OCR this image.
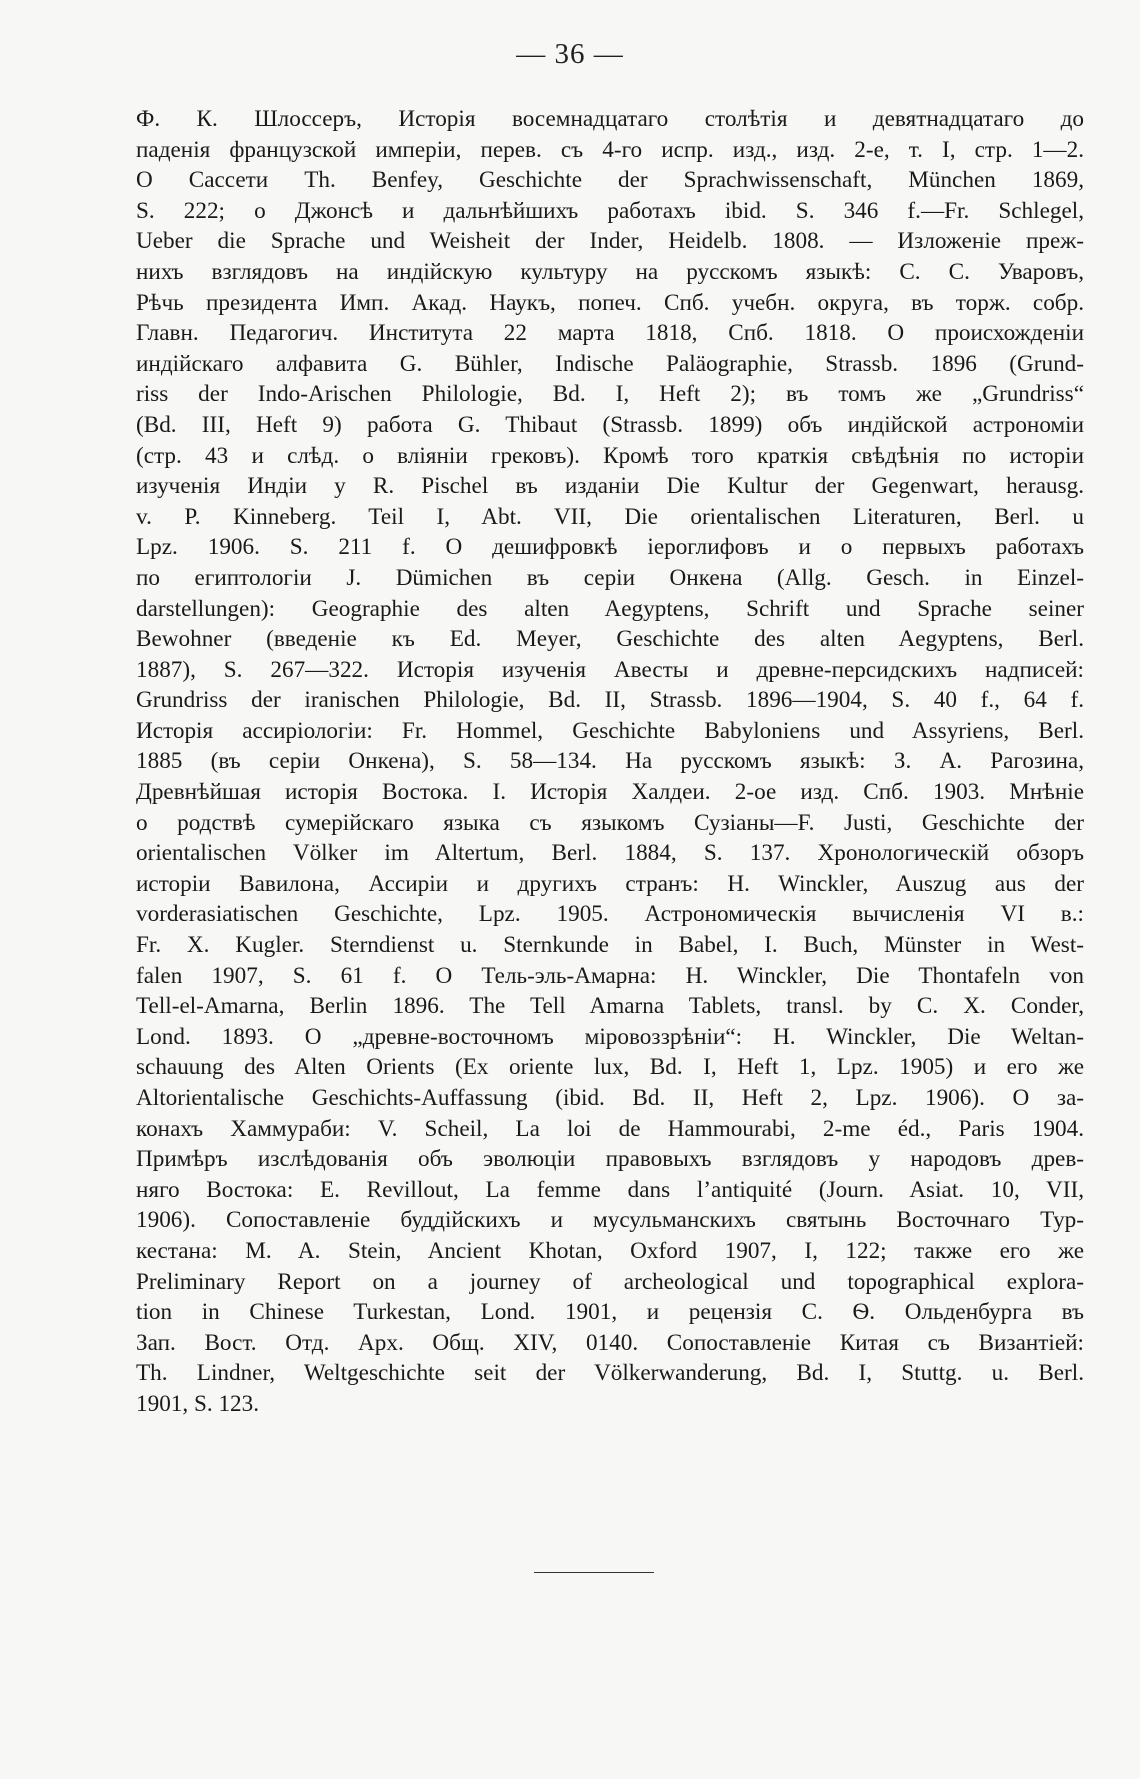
— 36 —
Ф. К. Шлоссеръ, Исторія восемнадцатаго столѣтія и девятнадцатаго до
паденія французской имперіи, перев. съ 4-го испр. изд., изд. 2-е, т. I, стр. 1—2.
О Сассети Th. Benfey, Geschichte der Sprachwissenschaft, München 1869,
S. 222; о Джонсѣ и дальнѣйшихъ работахъ ibid. S. 346 f.—Fr. Schlegel,
Ueber die Sprache und Weisheit der Inder, Heidelb. 1808. — Изложеніе преж-
нихъ взглядовъ на индійскую культуру на русскомъ языкѣ: С. С. Уваровъ,
Рѣчь президента Имп. Акад. Наукъ, попеч. Спб. учебн. округа, въ торж. собр.
Главн. Педагогич. Института 22 марта 1818, Спб. 1818. О происхожденіи
индійскаго алфавита G. Bühler, Indische Paläographie, Strassb. 1896 (Grund-
riss der Indo-Arischen Philologie, Bd. I, Heft 2); въ томъ же „Grundriss“
(Bd. III, Heft 9) работа G. Thibaut (Strassb. 1899) объ индійской астрономіи
(стр. 43 и слѣд. о вліяніи грековъ). Кромѣ того краткія свѣдѣнія по исторіи
изученія Индіи у R. Pischel въ изданіи Die Kultur der Gegenwart, herausg.
v. P. Kinneberg. Teil I, Abt. VII, Die orientalischen Literaturen, Berl. u
Lpz. 1906. S. 211 f. О дешифровкѣ іероглифовъ и о первыхъ работахъ
по египтологіи J. Dümichen въ серіи Онкена (Allg. Gesch. in Einzel-
darstellungen): Geographie des alten Aegyptens, Schrift und Sprache seiner
Bewohner (введеніе къ Ed. Meyer, Geschichte des alten Aegyptens, Berl.
1887), S. 267—322. Исторія изученія Авесты и древне-персидскихъ надписей:
Grundriss der iranischen Philologie, Bd. II, Strassb. 1896—1904, S. 40 f., 64 f.
Исторія ассиріологіи: Fr. Hommel, Geschichte Babyloniens und Assyriens, Berl.
1885 (въ серіи Онкена), S. 58—134. На русскомъ языкѣ: З. А. Рагозина,
Древнѣйшая исторія Востока. I. Исторія Халдеи. 2-ое изд. Спб. 1903. Мнѣніе
о родствѣ сумерійскаго языка съ языкомъ Сузіаны—F. Justi, Geschichte der
orientalischen Völker im Altertum, Berl. 1884, S. 137. Хронологическій обзоръ
исторіи Вавилона, Ассиріи и другихъ странъ: H. Winckler, Auszug aus der
vorderasiatischen Geschichte, Lpz. 1905. Астрономическія вычисленія VI в.:
Fr. X. Kugler. Sterndienst u. Sternkunde in Babel, I. Buch, Münster in West-
falen 1907, S. 61 f. О Тель-эль-Амарна: H. Winckler, Die Thontafeln von
Tell-el-Amarna, Berlin 1896. The Tell Amarna Tablets, transl. by C. X. Conder,
Lond. 1893. О „древне-восточномъ міровоззрѣніи“: H. Winckler, Die Weltan-
schauung des Alten Orients (Ex oriente lux, Bd. I, Heft 1, Lpz. 1905) и его же
Altorientalische Geschichts-Auffassung (ibid. Bd. II, Heft 2, Lpz. 1906). О за-
конахъ Хаммураби: V. Scheil, La loi de Hammourabi, 2-me éd., Paris 1904.
Примѣръ изслѣдованія объ эволюціи правовыхъ взглядовъ у народовъ древ-
няго Востока: E. Revillout, La femme dans l’antiquité (Journ. Asiat. 10, VII,
1906). Сопоставленіе буддійскихъ и мусульманскихъ святынь Восточнаго Тур-
кестана: M. A. Stein, Ancient Khotan, Oxford 1907, I, 122; также его же
Preliminary Report on a journey of archeological und topographical explora-
tion in Chinese Turkestan, Lond. 1901, и рецензія С. Ѳ. Ольденбурга въ
Зап. Вост. Отд. Арх. Общ. XIV, 0140. Сопоставленіе Китая съ Византіей:
Th. Lindner, Weltgeschichte seit der Völkerwanderung, Bd. I, Stuttg. u. Berl.
1901, S. 123.
